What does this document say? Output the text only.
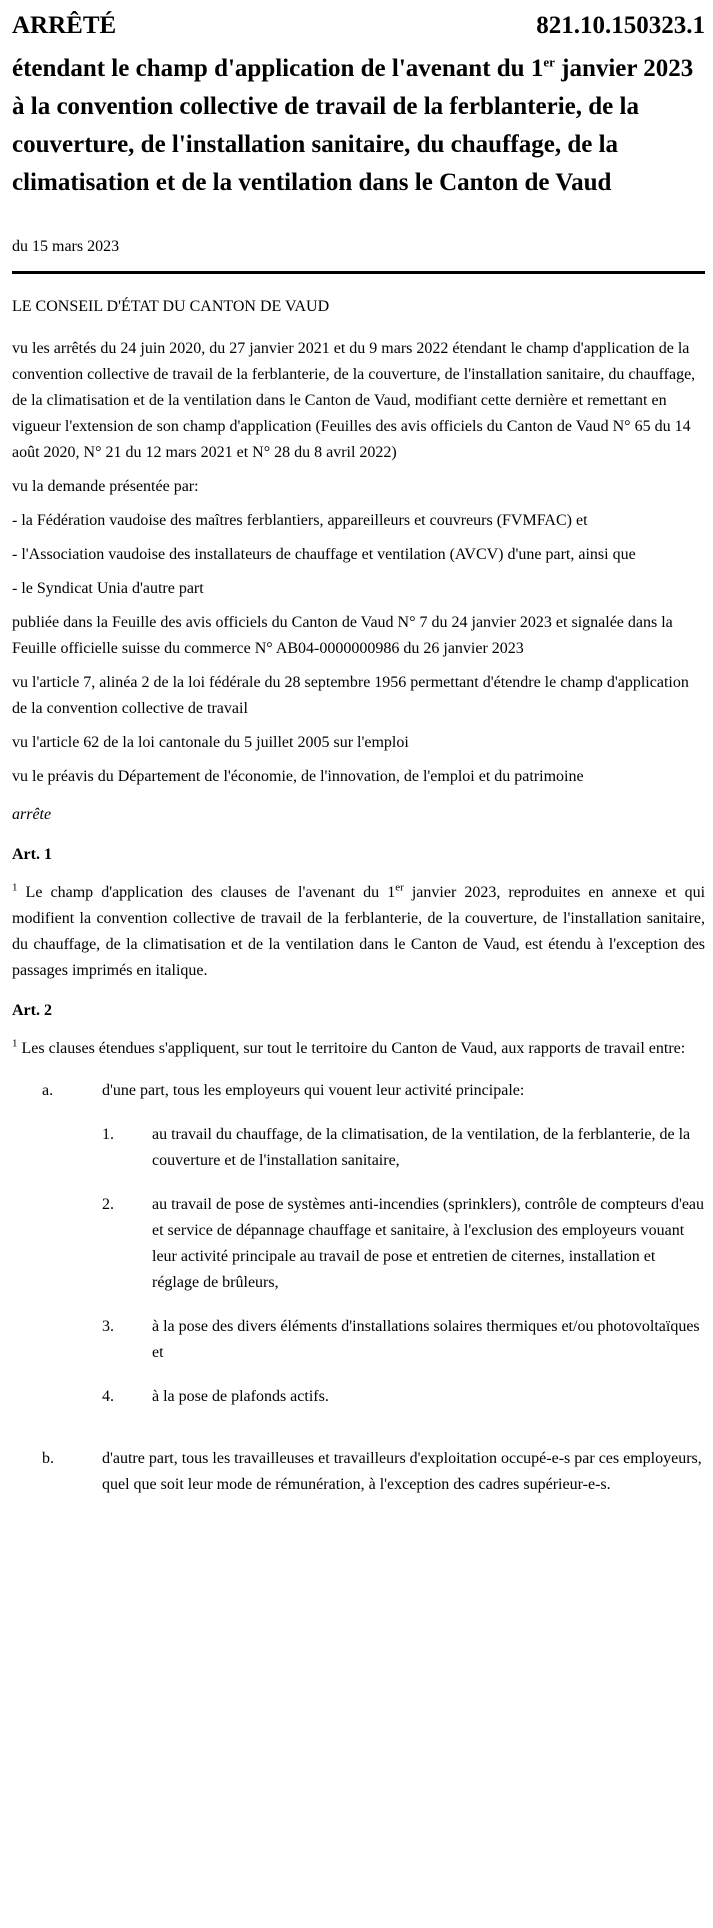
ARRÊTÉ	821.10.150323.1
étendant le champ d'application de l'avenant du 1er janvier 2023 à la convention collective de travail de la ferblanterie, de la couverture, de l'installation sanitaire, du chauffage, de la climatisation et de la ventilation dans le Canton de Vaud
du 15 mars 2023
LE CONSEIL D'ÉTAT DU CANTON DE VAUD
vu les arrêtés du 24 juin 2020, du 27 janvier 2021 et du 9 mars 2022 étendant le champ d'application de la convention collective de travail de la ferblanterie, de la couverture, de l'installation sanitaire, du chauffage, de la climatisation et de la ventilation dans le Canton de Vaud, modifiant cette dernière et remettant en vigueur l'extension de son champ d'application (Feuilles des avis officiels du Canton de Vaud N° 65 du 14 août 2020, N° 21 du 12 mars 2021 et N° 28 du 8 avril 2022)
vu la demande présentée par:
- la Fédération vaudoise des maîtres ferblantiers, appareilleurs et couvreurs (FVMFAC) et
- l'Association vaudoise des installateurs de chauffage et ventilation (AVCV) d'une part, ainsi que
- le Syndicat Unia d'autre part
publiée dans la Feuille des avis officiels du Canton de Vaud N° 7 du 24 janvier 2023 et signalée dans la Feuille officielle suisse du commerce N° AB04-0000000986 du 26 janvier 2023
vu l'article 7, alinéa 2 de la loi fédérale du 28 septembre 1956 permettant d'étendre le champ d'application de la convention collective de travail
vu l'article 62 de la loi cantonale du 5 juillet 2005 sur l'emploi
vu le préavis du Département de l'économie, de l'innovation, de l'emploi et du patrimoine
arrête
Art. 1
$^1$ Le champ d'application des clauses de l'avenant du 1er janvier 2023, reproduites en annexe et qui modifient la convention collective de travail de la ferblanterie, de la couverture, de l'installation sanitaire, du chauffage, de la climatisation et de la ventilation dans le Canton de Vaud, est étendu à l'exception des passages imprimés en italique.
Art. 2
$^1$ Les clauses étendues s'appliquent, sur tout le territoire du Canton de Vaud, aux rapports de travail entre:
a.	d'une part, tous les employeurs qui vouent leur activité principale:
1.	au travail du chauffage, de la climatisation, de la ventilation, de la ferblanterie, de la couverture et de l'installation sanitaire,
2.	au travail de pose de systèmes anti-incendies (sprinklers), contrôle de compteurs d'eau et service de dépannage chauffage et sanitaire, à l'exclusion des employeurs vouant leur activité principale au travail de pose et entretien de citernes, installation et réglage de brûleurs,
3.	à la pose des divers éléments d'installations solaires thermiques et/ou photovoltaïques et
4.	à la pose de plafonds actifs.
b.	d'autre part, tous les travailleuses et travailleurs d'exploitation occupé-e-s par ces employeurs, quel que soit leur mode de rémunération, à l'exception des cadres supérieur-e-s.
